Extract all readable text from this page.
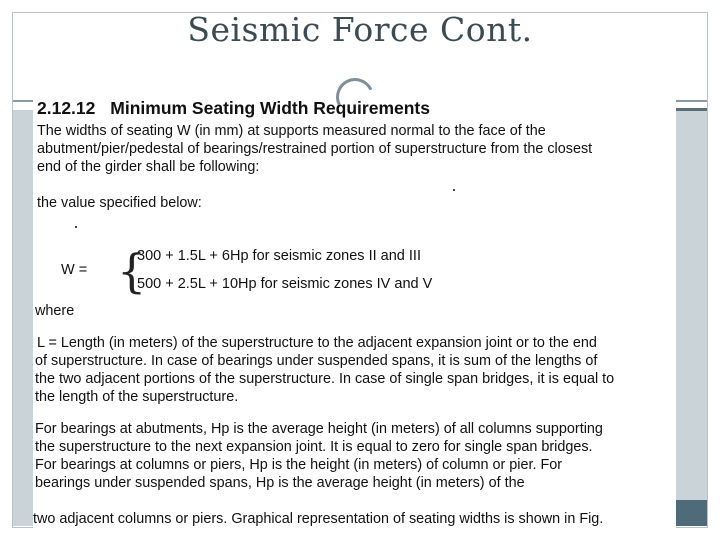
Seismic Force Cont.
2.12.12 Minimum Seating Width Requirements
The widths of seating W (in mm) at supports measured normal to the face of the
abutment/pier/pedestal of bearings/restrained portion of superstructure from the closest
end of the girder shall be following:
the value specified below:
W = {
300 + 1.5L + 6Hp for seismic zones II and III
500 + 2.5L + 10Hp for seismic zones IV and V
where
L = Length (in meters) of the superstructure to the adjacent expansion joint or to the end
of superstructure. In case of bearings under suspended spans, it is sum of the lengths of
the two adjacent portions of the superstructure. In case of single span bridges, it is equal to
the length of the superstructure.
For bearings at abutments, Hp is the average height (in meters) of all columns supporting
the superstructure to the next expansion joint. It is equal to zero for single span bridges.
For bearings at columns or piers, Hp is the height (in meters) of column or pier. For
bearings under suspended spans, Hp is the average height (in meters) of the
two adjacent columns or piers. Graphical representation of seating widths is shown in Fig.
